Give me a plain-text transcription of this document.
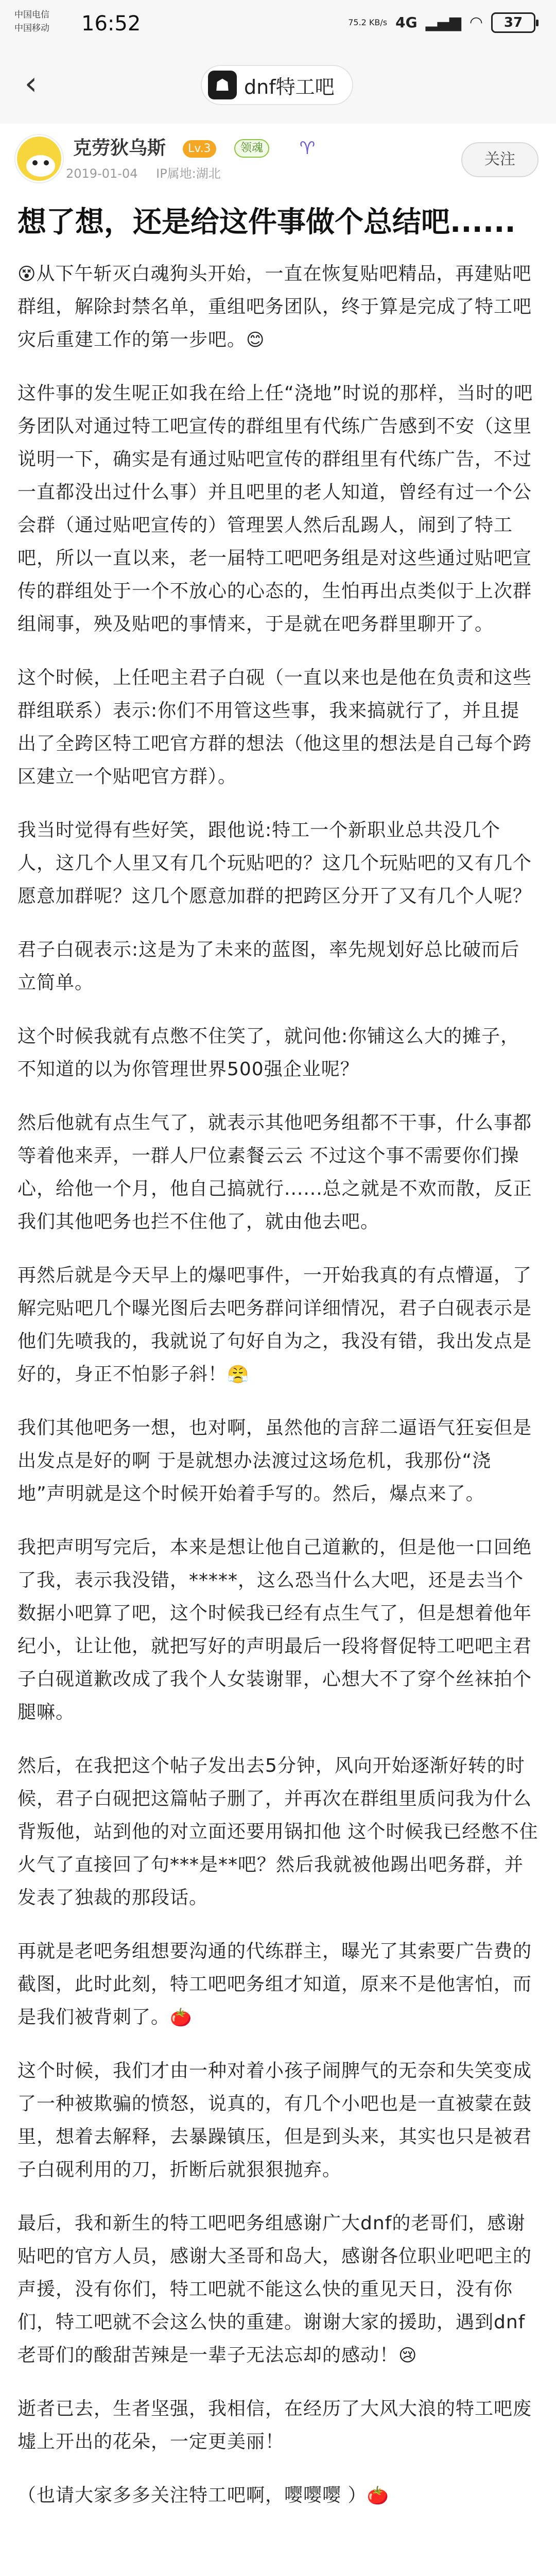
中国电信
中国移动 16:52	75.2 KB/s 4G ▂▄▆ ◠ 37
‹	☗ dnf特工吧
克劳狄乌斯	Lv.3	领魂	♈
2019-01-04 IP属地:湖北
关注
想了想，还是给这件事做个总结吧......

😵从下午斩灭白魂狗头开始，一直在恢复贴吧精品，再建贴吧群组，解除封禁名单，重组吧务团队，终于算是完成了特工吧灾后重建工作的第一步吧。😊

这件事的发生呢正如我在给上任“浇地”时说的那样，当时的吧务团队对通过特工吧宣传的群组里有代练广告感到不安（这里说明一下，确实是有通过贴吧宣传的群组里有代练广告，不过一直都没出过什么事）并且吧里的老人知道，曾经有过一个公会群（通过贴吧宣传的）管理罢人然后乱踢人，闹到了特工吧，所以一直以来，老一届特工吧吧务组是对这些通过贴吧宣传的群组处于一个不放心的心态的，生怕再出点类似于上次群组闹事，殃及贴吧的事情来，于是就在吧务群里聊开了。

这个时候，上任吧主君子白砚（一直以来也是他在负责和这些群组联系）表示:你们不用管这些事，我来搞就行了，并且提出了全跨区特工吧官方群的想法（他这里的想法是自己每个跨区建立一个贴吧官方群）。

我当时觉得有些好笑，跟他说:特工一个新职业总共没几个人，这几个人里又有几个玩贴吧的？这几个玩贴吧的又有几个愿意加群呢？这几个愿意加群的把跨区分开了又有几个人呢？

君子白砚表示:这是为了未来的蓝图，率先规划好总比破而后立简单。

这个时候我就有点憋不住笑了，就问他:你铺这么大的摊子，不知道的以为你管理世界500强企业呢？

然后他就有点生气了，就表示其他吧务组都不干事，什么事都等着他来弄，一群人尸位素餐云云 不过这个事不需要你们操心，给他一个月，他自己搞就行......总之就是不欢而散，反正我们其他吧务也拦不住他了，就由他去吧。

再然后就是今天早上的爆吧事件，一开始我真的有点懵逼，了解完贴吧几个曝光图后去吧务群问详细情况，君子白砚表示是他们先喷我的，我就说了句好自为之，我没有错，我出发点是好的，身正不怕影子斜！😤

我们其他吧务一想，也对啊，虽然他的言辞二逼语气狂妄但是出发点是好的啊 于是就想办法渡过这场危机，我那份“浇地”声明就是这个时候开始着手写的。然后，爆点来了。

我把声明写完后，本来是想让他自己道歉的，但是他一口回绝了我，表示我没错，*****，这么恐当什么大吧，还是去当个数据小吧算了吧，这个时候我已经有点生气了，但是想着他年纪小，让让他，就把写好的声明最后一段将督促特工吧吧主君子白砚道歉改成了我个人女装谢罪，心想大不了穿个丝袜拍个腿嘛。

然后，在我把这个帖子发出去5分钟，风向开始逐渐好转的时候，君子白砚把这篇帖子删了，并再次在群组里质问我为什么背叛他，站到他的对立面还要用锅扣他 这个时候我已经憋不住火气了直接回了句***是**吧？然后我就被他踢出吧务群，并发表了独裁的那段话。

再就是老吧务组想要沟通的代练群主，曝光了其索要广告费的截图，此时此刻，特工吧吧务组才知道，原来不是他害怕，而是我们被背刺了。🍅

这个时候，我们才由一种对着小孩子闹脾气的无奈和失笑变成了一种被欺骗的愤怒，说真的，有几个小吧也是一直被蒙在鼓里，想着去解释，去暴躁镇压，但是到头来，其实也只是被君子白砚利用的刀，折断后就狠狠抛弃。

最后，我和新生的特工吧吧务组感谢广大dnf的老哥们，感谢贴吧的官方人员，感谢大圣哥和岛大，感谢各位职业吧吧主的声援，没有你们，特工吧就不能这么快的重见天日，没有你们，特工吧就不会这么快的重建。谢谢大家的援助，遇到dnf老哥们的酸甜苦辣是一辈子无法忘却的感动！😢

逝者已去，生者坚强，我相信，在经历了大风大浪的特工吧废墟上开出的花朵，一定更美丽！

（也请大家多多关注特工吧啊，嘤嘤嘤 ）🍅
